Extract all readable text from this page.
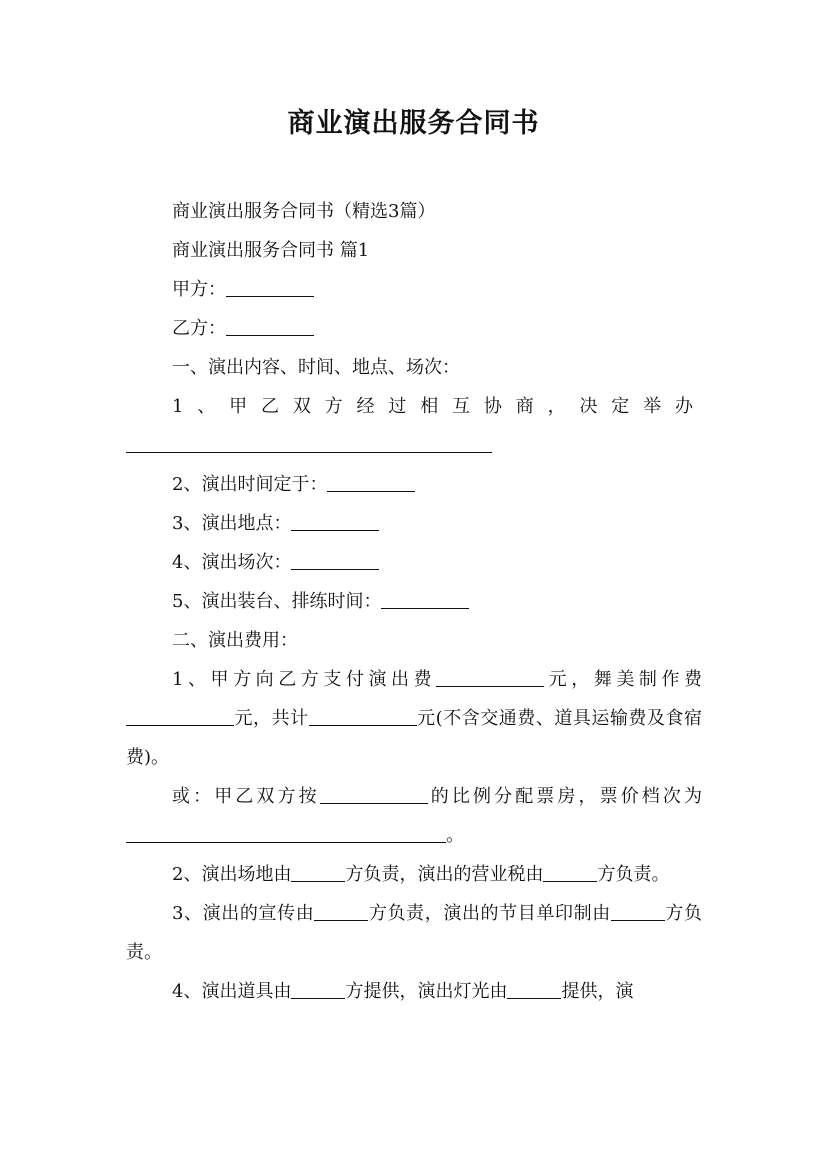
商业演出服务合同书

商业演出服务合同书（精选3篇）

商业演出服务合同书 篇1

甲方：

乙方：

一、演出内容、时间、地点、场次：

1、甲乙双方经过相互协商，决定举办

2、演出时间定于：

3、演出地点：

4、演出场次：

5、演出装台、排练时间：

二、演出费用：

1、甲方向乙方支付演出费	元，舞美制作费元，共计	元(不含交通费、道具运输费及食宿费)。

或：甲乙双方按	的比例分配票房，票价档次为。

2、演出场地由	方负责，演出的营业税由	方负责。

3、演出的宣传由	方负责，演出的节目单印制由	方负责。

4、演出道具由	方提供，演出灯光由	提供，演
